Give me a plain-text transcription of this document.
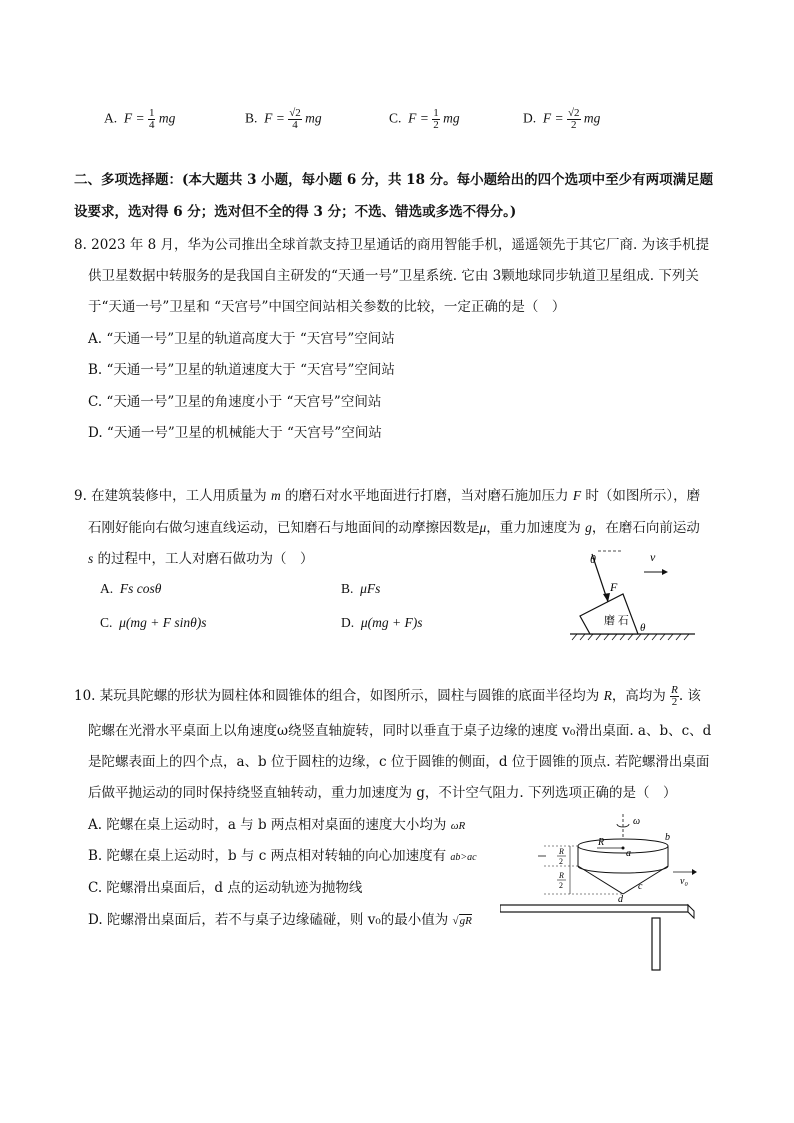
A. $F = \frac{1}{4}$ mg	B. $F = \frac{√2}{4}$ mg	C. $F = \frac{1}{2}$ mg	D. $F = \frac{√2}{2}$ mg
二、多项选择题：(本大题共 3 小题，每小题 6 分，共 18 分。每小题给出的四个选项中至少有两项满足题
设要求，选对得 6 分；选对但不全的得 3 分；不选、错选或多选不得分。)
8. 2023 年 8 月，华为公司推出全球首款支持卫星通话的商用智能手机，遥遥领先于其它厂商. 为该手机提
供卫星数据中转服务的是我国自主研发的“天通一号”卫星系统. 它由 3颗地球同步轨道卫星组成. 下列关
于“天通一号”卫星和 “天宫号”中国空间站相关参数的比较，一定正确的是（　）
A. “天通一号”卫星的轨道高度大于 “天宫号”空间站
B. “天通一号”卫星的轨道速度大于 “天宫号”空间站
C. “天通一号”卫星的角速度小于 “天宫号”空间站
D. “天通一号”卫星的机械能大于 “天宫号”空间站
9. 在建筑装修中，工人用质量为 m 的磨石对水平地面进行打磨，当对磨石施加压力 F 时（如图所示），磨
石刚好能向右做匀速直线运动，已知磨石与地面间的动摩擦因数是μ，重力加速度为 g，在磨石向前运动
s 的过程中，工人对磨石做功为（　）
A. Fs cosθ	B. μFs
C. μ(mg + F sinθ)s	D. μ(mg + F)s	磨 石
θ
F
v
θ
10. 某玩具陀螺的形状为圆柱体和圆锥体的组合，如图所示，圆柱与圆锥的底面半径均为 R，高均为 $\frac{R}{2}$ . 该
陀螺在光滑水平桌面上以角速度ω绕竖直轴旋转，同时以垂直于桌子边缘的速度 v₀滑出桌面. a、b、c、d
是陀螺表面上的四个点，a、b 位于圆柱的边缘，c 位于圆锥的侧面，d 位于圆锥的顶点. 若陀螺滑出桌面
后做平抛运动的同时保持绕竖直轴转动，重力加速度为 g，不计空气阻力. 下列选项正确的是（　）
A. 陀螺在桌上运动时，a 与 b 两点相对桌面的速度大小均为 ωR
B. 陀螺在桌上运动时，b 与 c 两点相对转轴的向心加速度有 ab>ac
C. 陀螺滑出桌面后，d 点的运动轨迹为抛物线
D. 陀螺滑出桌面后，若不与桌子边缘磕碰，则 v₀的最小值为 √gR
ω
R
a
b
c
d
v₀
R
2
R
2
